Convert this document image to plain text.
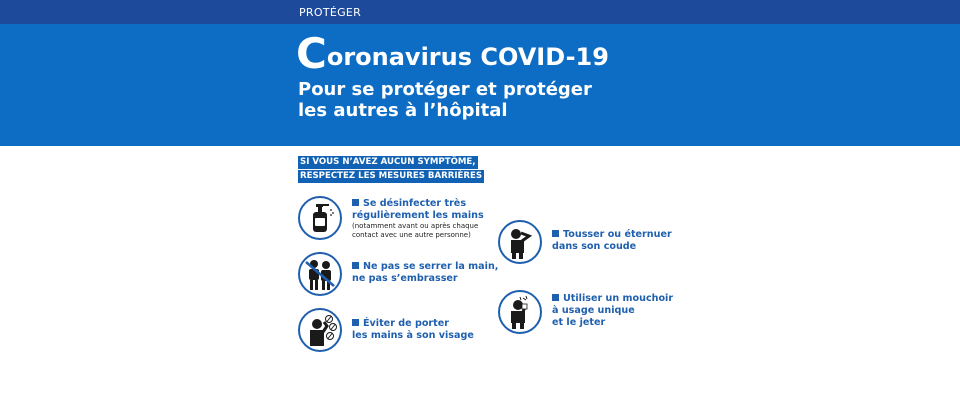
PROTÉGER
Coronavirus COVID-19
Pour se protéger et protéger
les autres à l’hôpital
SI VOUS N’AVEZ AUCUN SYMPTÔME,
RESPECTEZ LES MESURES BARRIÈRES
Se désinfecter très
régulièrement les mains
(notamment avant ou après chaque
contact avec une autre personne)
Ne pas se serrer la main,
ne pas s’embrasser
Éviter de porter
les mains à son visage
Tousser ou éternuer
dans son coude
Utiliser un mouchoir
à usage unique
et le jeter
